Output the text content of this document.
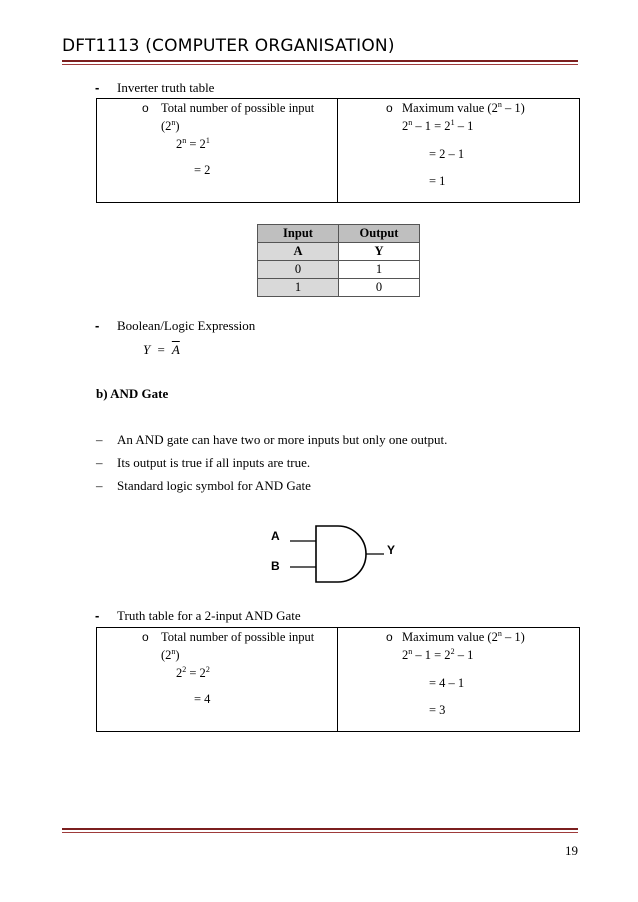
DFT1113 (COMPUTER ORGANISATION)
- Inverter truth table
o Total number of possible input
(2$^n$)
$2^n = 2^1$
= 2
o Maximum value (2$^n$ – 1)
$2^n - 1 = 2^1 - 1$
= 2 – 1
= 1
Input	Output
A	Y
0	1
1	0
- Boolean/Logic Expression
$Y = \overline{A}$
b) AND Gate
– An AND gate can have two or more inputs but only one output.
– Its output is true if all inputs are true.
– Standard logic symbol for AND Gate
A
B
Y
- Truth table for a 2-input AND Gate
o Total number of possible input
(2$^n$)
$2^2 = 2^2$
= 4
o Maximum value (2$^n$ – 1)
$2^n - 1 = 2^2 - 1$
= 4 – 1
= 3
19
